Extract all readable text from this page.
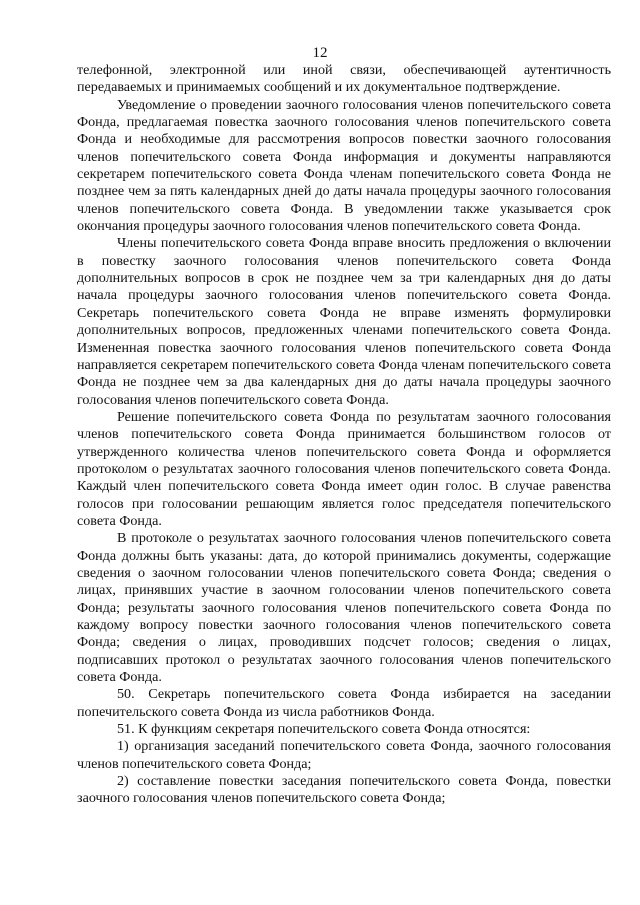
12

телефонной, электронной или иной связи, обеспечивающей аутентичность передаваемых и принимаемых сообщений и их документальное подтверждение.

Уведомление о проведении заочного голосования членов попечительского совета Фонда, предлагаемая повестка заочного голосования членов попечительского совета Фонда и необходимые для рассмотрения вопросов повестки заочного голосования членов попечительского совета Фонда информация и документы направляются секретарем попечительского совета Фонда членам попечительского совета Фонда не позднее чем за пять календарных дней до даты начала процедуры заочного голосования членов попечительского совета Фонда. В уведомлении также указывается срок окончания процедуры заочного голосования членов попечительского совета Фонда.

Члены попечительского совета Фонда вправе вносить предложения о включении в повестку заочного голосования членов попечительского совета Фонда дополнительных вопросов в срок не позднее чем за три календарных дня до даты начала процедуры заочного голосования членов попечительского совета Фонда. Секретарь попечительского совета Фонда не вправе изменять формулировки дополнительных вопросов, предложенных членами попечительского совета Фонда. Измененная повестка заочного голосования членов попечительского совета Фонда направляется секретарем попечительского совета Фонда членам попечительского совета Фонда не позднее чем за два календарных дня до даты начала процедуры заочного голосования членов попечительского совета Фонда.

Решение попечительского совета Фонда по результатам заочного голосования членов попечительского совета Фонда принимается большинством голосов от утвержденного количества членов попечительского совета Фонда и оформляется протоколом о результатах заочного голосования членов попечительского совета Фонда. Каждый член попечительского совета Фонда имеет один голос. В случае равенства голосов при голосовании решающим является голос председателя попечительского совета Фонда.

В протоколе о результатах заочного голосования членов попечительского совета Фонда должны быть указаны: дата, до которой принимались документы, содержащие сведения о заочном голосовании членов попечительского совета Фонда; сведения о лицах, принявших участие в заочном голосовании членов попечительского совета Фонда; результаты заочного голосования членов попечительского совета Фонда по каждому вопросу повестки заочного голосования членов попечительского совета Фонда; сведения о лицах, проводивших подсчет голосов; сведения о лицах, подписавших протокол о результатах заочного голосования членов попечительского совета Фонда.

50. Секретарь попечительского совета Фонда избирается на заседании попечительского совета Фонда из числа работников Фонда.

51. К функциям секретаря попечительского совета Фонда относятся:

1) организация заседаний попечительского совета Фонда, заочного голосования членов попечительского совета Фонда;

2) составление повестки заседания попечительского совета Фонда, повестки заочного голосования членов попечительского совета Фонда;
